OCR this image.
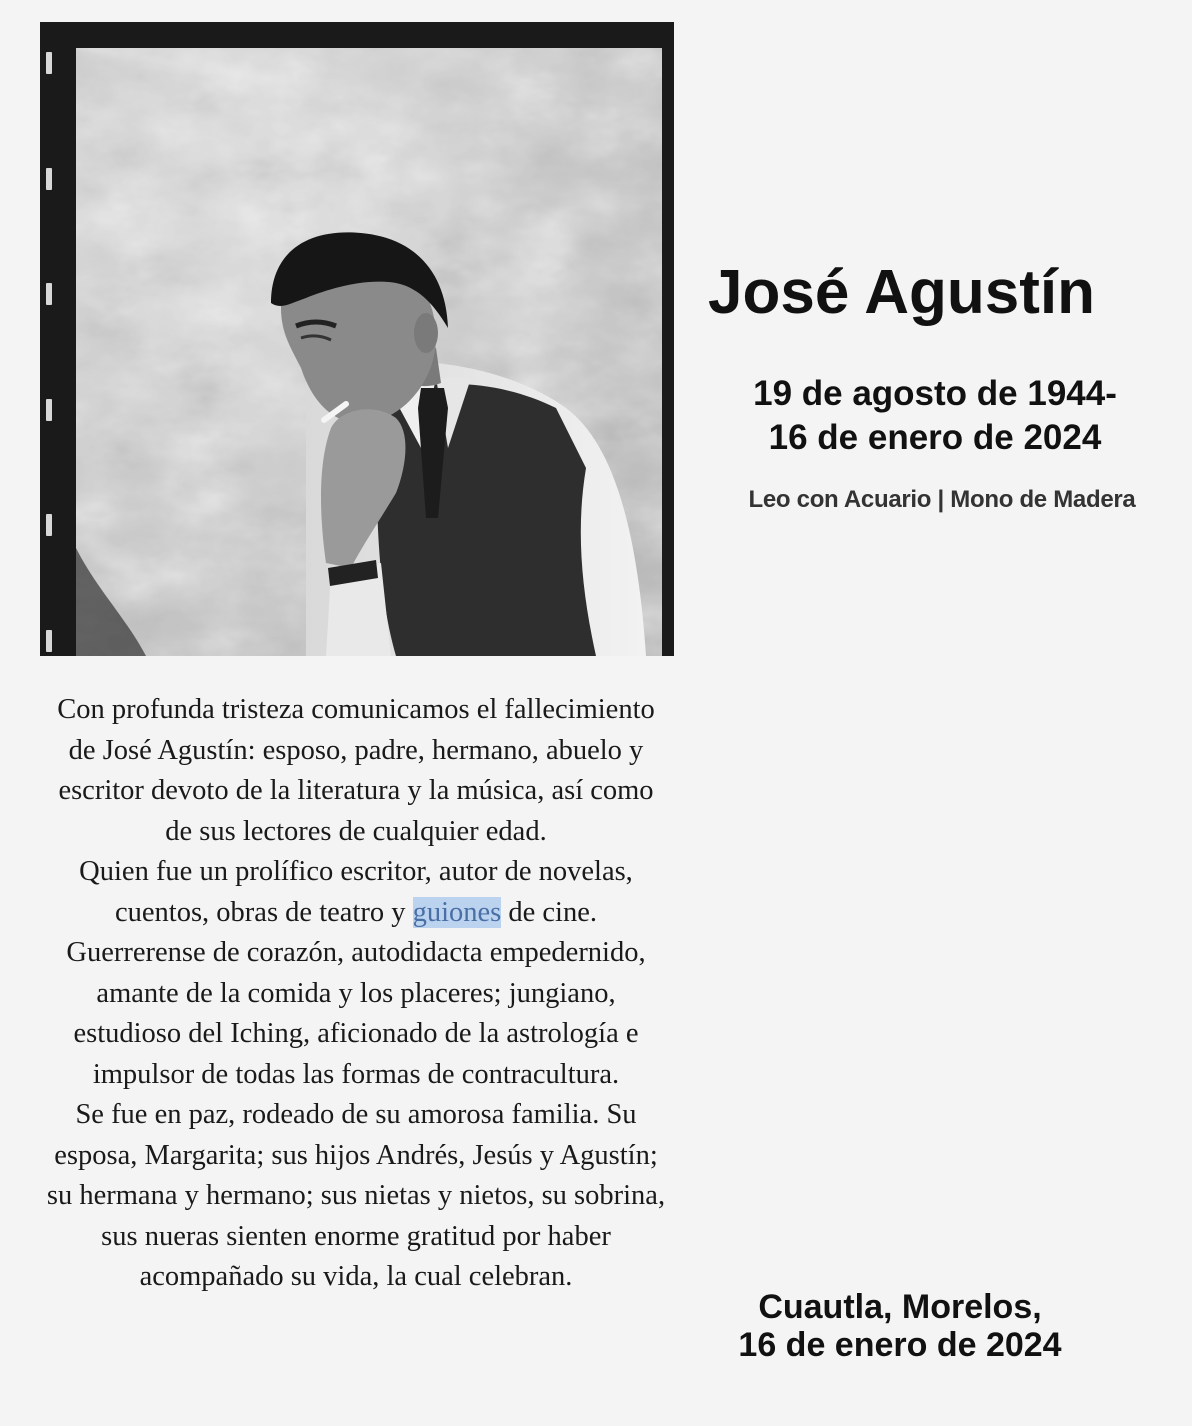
José Agustín
19 de agosto de 1944-
16 de enero de 2024
Leo con Acuario | Mono de Madera

Con profunda tristeza comunicamos el fallecimiento de José Agustín: esposo, padre, hermano, abuelo y escritor devoto de la literatura y la música, así como de sus lectores de cualquier edad.

Quien fue un prolífico escritor, autor de novelas, cuentos, obras de teatro y guiones de cine. Guerrerense de corazón, autodidacta empedernido, amante de la comida y los placeres; jungiano, estudioso del Iching, aficionado de la astrología e impulsor de todas las formas de contracultura.

Se fue en paz, rodeado de su amorosa familia. Su esposa, Margarita; sus hijos Andrés, Jesús y Agustín; su hermana y hermano; sus nietas y nietos, su sobrina, sus nueras sienten enorme gratitud por haber acompañado su vida, la cual celebran.

Cuautla, Morelos,
16 de enero de 2024
